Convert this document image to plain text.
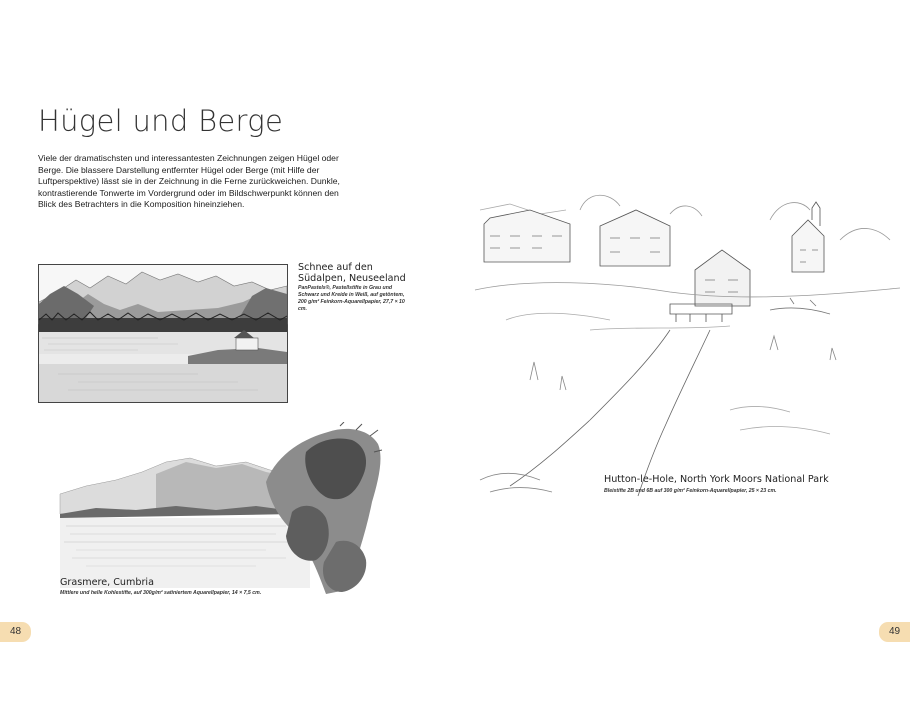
Hügel und Berge

Viele der dramatischsten und interessantesten Zeichnungen zeigen Hügel oder Berge. Die blassere Darstellung entfernter Hügel oder Berge (mit Hilfe der Luftperspektive) lässt sie in der Zeichnung in die Ferne zurückweichen. Dunkle, kontrastierende Tonwerte im Vordergrund oder im Bildschwerpunkt können den Blick des Betrachters in die Komposition hineinziehen.

Schnee auf den
Südalpen, Neuseeland
PanPastels®, Pastellstifte in Grau und Schwarz und Kreide in Weiß, auf getöntem, 200 g/m² Feinkorn-Aquarellpapier, 27,7 × 10 cm.
Grasmere, Cumbria
Mittlere und helle Kohlestifte, auf 300g/m² satiniertem Aquarellpapier, 14 × 7,5 cm.
Hutton-le-Hole, North York Moors National Park
Bleistifte 2B und 6B auf 300 g/m² Feinkorn-Aquarellpapier, 25 × 23 cm.
48	49
